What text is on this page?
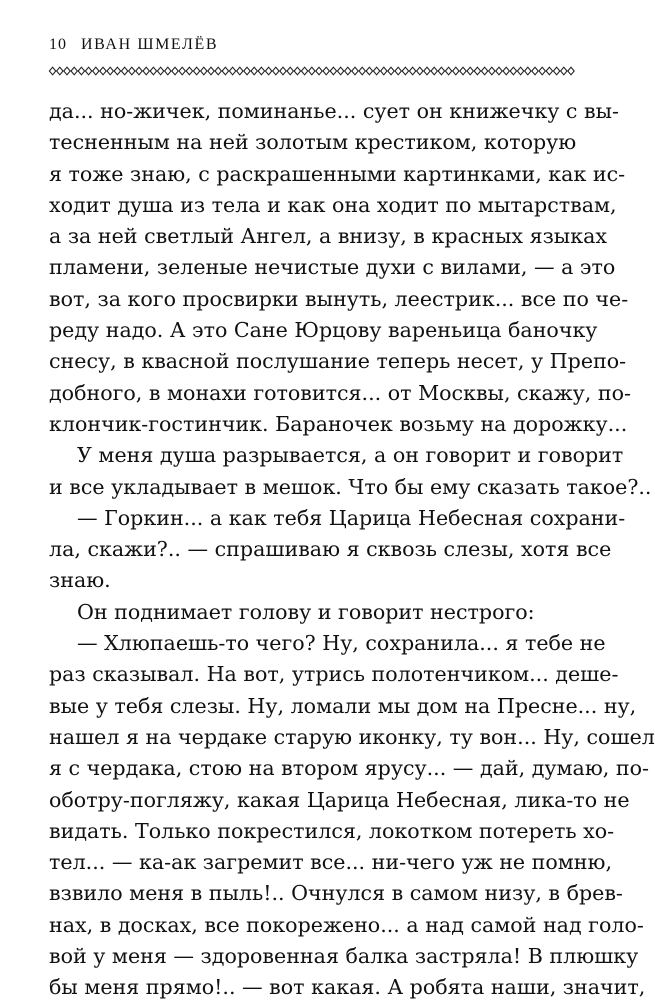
10 ИВАН ШМЕЛЁВ
да... но-жичек, поминанье... сует он книжечку с вы-
тесненным на ней золотым крестиком, которую
я тоже знаю, с раскрашенными картинками, как ис-
ходит душа из тела и как она ходит по мытарствам,
а за ней светлый Ангел, а внизу, в красных языках
пламени, зеленые нечистые духи с вилами, — а это
вот, за кого просвирки вынуть, леестрик... все по че-
реду надо. А это Сане Юрцову вареньица баночку
снесу, в квасной послушание теперь несет, у Препо-
добного, в монахи готовится... от Москвы, скажу, по-
клончик-гостинчик. Бараночек возьму на дорожку...
У меня душа разрывается, а он говорит и говорит
и все укладывает в мешок. Что бы ему сказать такое?..
— Горкин... а как тебя Царица Небесная сохрани-
ла, скажи?.. — спрашиваю я сквозь слезы, хотя все
знаю.
Он поднимает голову и говорит нестрого:
— Хлюпаешь-то чего? Ну, сохранила... я тебе не
раз сказывал. На вот, утрись полотенчиком... деше-
вые у тебя слезы. Ну, ломали мы дом на Пресне... ну,
нашел я на чердаке старую иконку, ту вон... Ну, сошел
я с чердака, стою на втором ярусу... — дай, думаю, по-
оботру-погляжу, какая Царица Небесная, лика-то не
видать. Только покрестился, локотком потереть хо-
тел... — ка-ак загремит все... ни-чего уж не помню,
взвило меня в пыль!.. Очнулся в самом низу, в брев-
нах, в досках, все покорежено... а над самой над голо-
вой у меня — здоровенная балка застряла! В плюшку
бы меня прямо!.. — вот какая. А робята наши, значит,
